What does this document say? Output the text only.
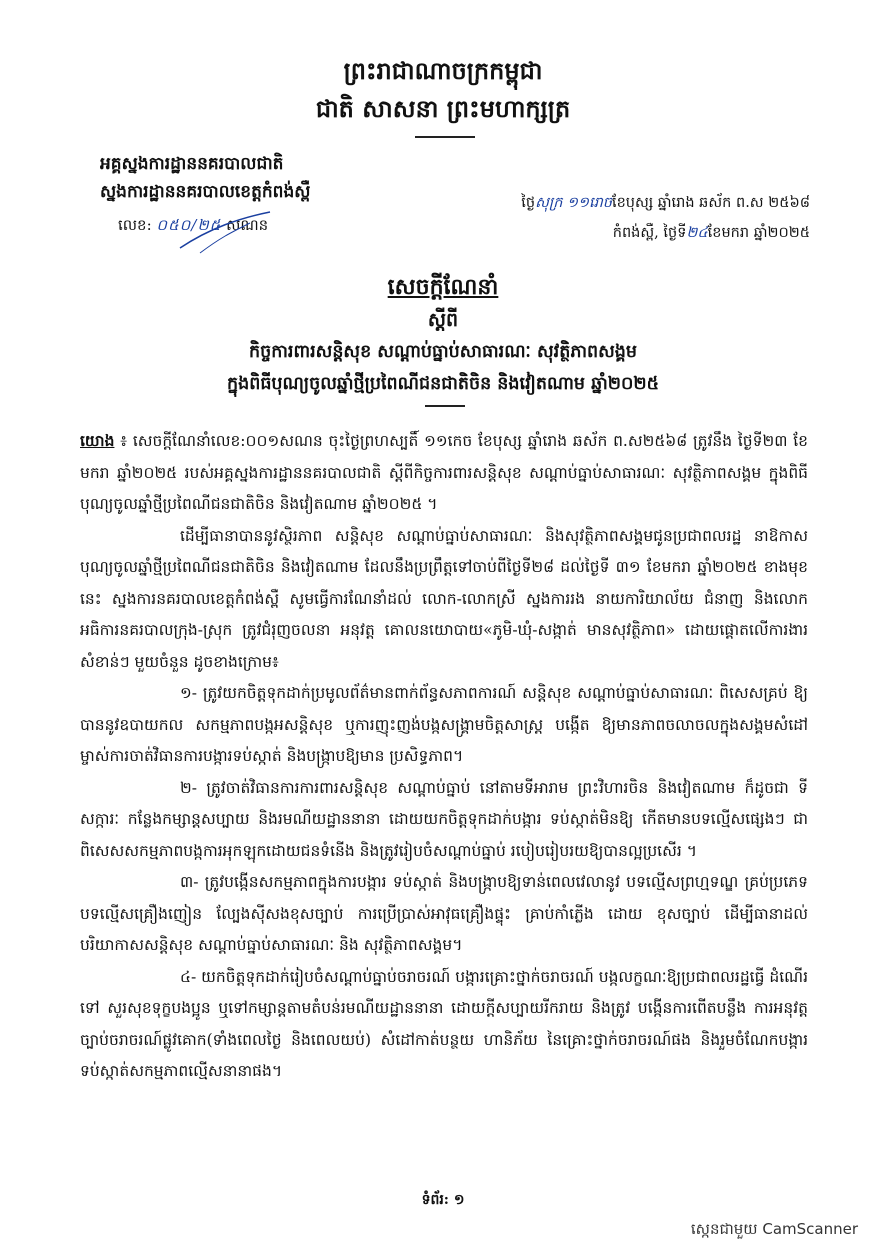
ព្រះរាជាណាចក្រកម្ពុជា
ជាតិ សាសនា ព្រះមហាក្សត្រ
អគ្គស្នងការដ្ឋាននគរបាលជាតិ
ស្នងការដ្ឋាននគរបាលខេត្តកំពង់ស្ពឺ
លេខ: ០៥០/២៥ សណន
ថ្ងៃសុក្រ ១១រោចខែបុស្ស ឆ្នាំរោង ឆស័ក ព.ស ២៥៦៨
កំពង់ស្ពឺ, ថ្ងៃទី២៤ខែមករា ឆ្នាំ២០២៥
សេចក្តីណែនាំ
ស្តីពី
កិច្ចការពារសន្តិសុខ សណ្តាប់ធ្នាប់សាធារណៈ សុវត្ថិភាពសង្គម
ក្នុងពិធីបុណ្យចូលឆ្នាំថ្មីប្រពៃណីជនជាតិចិន និងវៀតណាម ឆ្នាំ២០២៥

យោង ៖ សេចក្តីណែនាំលេខ:០០១សណន ចុះថ្ងៃព្រហស្បតិ៍ ១១កេច ខែបុស្ស ឆ្នាំរោង ឆស័ក ព.ស២៥៦៨ ត្រូវនឹង ថ្ងៃទី២៣ ខែមករា ឆ្នាំ២០២៥ របស់អគ្គស្នងការដ្ឋាននគរបាលជាតិ ស្តីពីកិច្ចការពារសន្តិសុខ សណ្តាប់ធ្នាប់សាធារណៈ សុវត្ថិភាពសង្គម ក្នុងពិធីបុណ្យចូលឆ្នាំថ្មីប្រពៃណីជនជាតិចិន និងវៀតណាម ឆ្នាំ២០២៥ ។

ដើម្បីធានាបាននូវស្ថិរភាព សន្តិសុខ សណ្តាប់ធ្នាប់សាធារណៈ និងសុវត្ថិភាពសង្គមជូនប្រជាពលរដ្ឋ នាឱកាសបុណ្យចូលឆ្នាំថ្មីប្រពៃណីជនជាតិចិន និងវៀតណាម ដែលនឹងប្រព្រឹត្តទៅចាប់ពីថ្ងៃទី២៨ ដល់ថ្ងៃទី ៣១ ខែមករា ឆ្នាំ២០២៥ ខាងមុខនេះ ស្នងការនគរបាលខេត្តកំពង់ស្ពឺ សូមធ្វើការណែនាំដល់ លោក-លោកស្រី ស្នងការរង នាយការិយាល័យ ជំនាញ និងលោកអធិការនគរបាលក្រុង-ស្រុក ត្រូវជំរុញចលនា អនុវត្ត គោលនយោបាយ«ភូមិ-ឃុំ-សង្កាត់ មានសុវត្ថិភាព» ដោយផ្តោតលើការងារសំខាន់ៗ មួយចំនួន ដូចខាងក្រោម៖

១- ត្រូវយកចិត្តទុកដាក់ប្រមូលព័ត៌មានពាក់ព័ន្ធសភាពការណ៍ សន្តិសុខ សណ្តាប់ធ្នាប់សាធារណៈ ពិសេសគ្រប់ ឱ្យបាននូវឧបាយកល សកម្មភាពបង្កអសន្តិសុខ ឬការញុះញង់បង្កសង្គ្រាមចិត្តសាស្ត្រ បង្កើត ឱ្យមានភាពចលាចលក្នុងសង្គមសំដៅម្ចាស់ការចាត់វិធានការបង្ការទប់ស្កាត់ និងបង្ក្រាបឱ្យមាន ប្រសិទ្ធភាព។

២- ត្រូវចាត់វិធានការការពារសន្តិសុខ សណ្តាប់ធ្នាប់ នៅតាមទីអារាម ព្រះវិហារចិន និងវៀតណាម ក៏ដូចជា ទីសក្ការៈ កន្លែងកម្សាន្តសប្បាយ និងរមណីយដ្ឋាននានា ដោយយកចិត្តទុកដាក់បង្ការ ទប់ស្កាត់មិនឱ្យ កើតមានបទល្មើសផ្សេងៗ ជាពិសេសសកម្មភាពបង្កការអុកឡុកដោយជនទំនើង និងត្រូវរៀបចំសណ្តាប់ធ្នាប់ របៀបរៀបរយឱ្យបានល្អប្រសើរ ។

៣- ត្រូវបង្កើនសកម្មភាពក្នុងការបង្ការ ទប់ស្កាត់ និងបង្ក្រាបឱ្យទាន់ពេលវេលានូវ បទល្មើសព្រហ្មទណ្ឌ គ្រប់ប្រភេទ បទល្មើសគ្រឿងញៀន ល្បែងស៊ីសងខុសច្បាប់ ការប្រើប្រាស់អាវុធគ្រឿងផ្ទុះ គ្រាប់កាំភ្លើង ដោយ ខុសច្បាប់ ដើម្បីធានាដល់បរិយាកាសសន្តិសុខ សណ្តាប់ធ្នាប់សាធារណៈ និង សុវត្ថិភាពសង្គម។

៤- យកចិត្តទុកដាក់រៀបចំសណ្តាប់ធ្នាប់ចរាចរណ៍ បង្ការគ្រោះថ្នាក់ចរាចរណ៍ បង្កលក្ខណៈឱ្យប្រជាពលរដ្ឋធ្វើ ដំណើរទៅ សួរសុខទុក្ខបងប្អូន ឬទៅកម្សាន្តតាមតំបន់រមណីយដ្ឋាននានា ដោយក្តីសប្បាយរីករាយ និងត្រូវ បង្កើនការពើតបន្លឹង ការអនុវត្តច្បាប់ចរាចរណ៍ផ្លូវគោក(ទាំងពេលថ្ងៃ និងពេលយប់) សំដៅកាត់បន្ថយ ហានិភ័យ នៃគ្រោះថ្នាក់ចរាចរណ៍ផង និងរួមចំណែកបង្ការ ទប់ស្កាត់សកម្មភាពល្មើសនានាផង។

ទំព័រ: ១
ស្កេនជាមួយ CamScanner
